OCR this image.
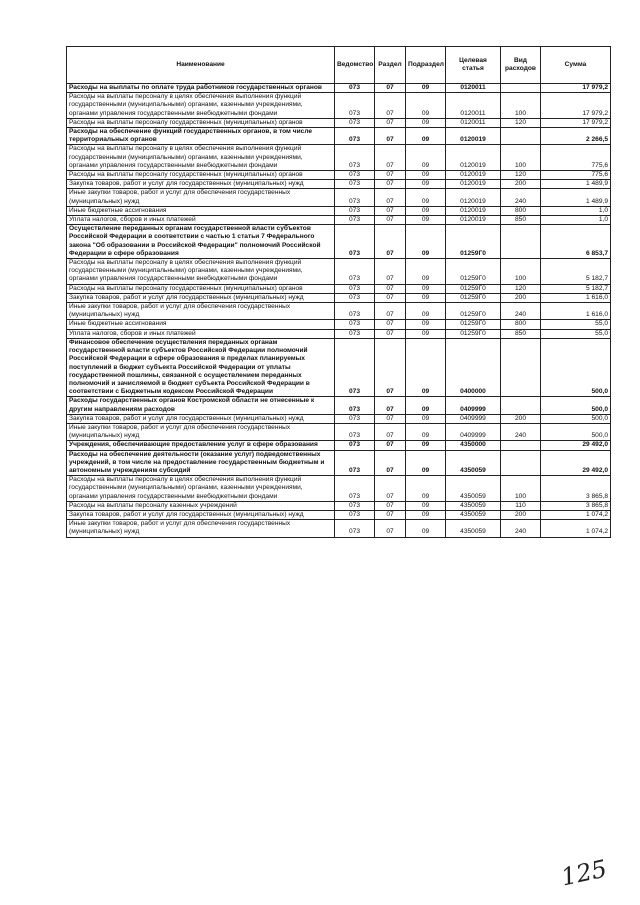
Наименование	Ведомство	Раздел	Подраздел	Целевая статья	Вид расходов	Сумма
Расходы на выплаты по оплате труда работников государственных органов	073	07	09	0120011		17 979,2
Расходы на выплаты персоналу в целях обеспечения выполнения функций государственными (муниципальными) органами, казенными учреждениями, органами управления государственными внебюджетными фондами	073	07	09	0120011	100	17 979,2
Расходы на выплаты персоналу государственных (муниципальных) органов	073	07	09	0120011	120	17 979,2
Расходы на обеспечение функций государственных органов, в том числе территориальных органов	073	07	09	0120019		2 266,5
Расходы на выплаты персоналу в целях обеспечения выполнения функций государственными (муниципальными) органами, казенными учреждениями, органами управления государственными внебюджетными фондами	073	07	09	0120019	100	775,6
Расходы на выплаты персоналу государственных (муниципальных) органов	073	07	09	0120019	120	775,6
Закупка товаров, работ и услуг для государственных (муниципальных) нужд	073	07	09	0120019	200	1 489,9
Иные закупки товаров, работ и услуг для обеспечения государственных (муниципальных) нужд	073	07	09	0120019	240	1 489,9
Иные бюджетные ассигнования	073	07	09	0120019	800	1,0
Уплата налогов, сборов и иных платежей	073	07	09	0120019	850	1,0
Осуществление переданных органам государственной власти субъектов Российской Федерации в соответствии с частью 1 статьи 7 Федерального закона "Об образовании в Российской Федерации" полномочий Российской Федерации в сфере образования	073	07	09	01259Г0		6 853,7
Расходы на выплаты персоналу в целях обеспечения выполнения функций государственными (муниципальными) органами, казенными учреждениями, органами управления государственными внебюджетными фондами	073	07	09	01259Г0	100	5 182,7
Расходы на выплаты персоналу государственных (муниципальных) органов	073	07	09	01259Г0	120	5 182,7
Закупка товаров, работ и услуг для государственных (муниципальных) нужд	073	07	09	01259Г0	200	1 616,0
Иные закупки товаров, работ и услуг для обеспечения государственных (муниципальных) нужд	073	07	09	01259Г0	240	1 616,0
Иные бюджетные ассигнования	073	07	09	01259Г0	800	55,0
Уплата налогов, сборов и иных платежей	073	07	09	01259Г0	850	55,0
Финансовое обеспечение осуществления переданных органам государственной власти субъектов Российской Федерации полномочий Российской Федерации в сфере образования в пределах планируемых поступлений в бюджет субъекта Российской Федерации от уплаты государственной пошлины, связанной с осуществлением переданных полномочий и зачисляемой в бюджет субъекта Российской Федерации в соответствии с Бюджетным кодексом Российской Федерации	073	07	09	0400000		500,0
Расходы государственных органов Костромской области не отнесенные к другим направлениям расходов	073	07	09	0409999		500,0
Закупка товаров, работ и услуг для государственных (муниципальных) нужд	073	07	09	0409999	200	500,0
Иные закупки товаров, работ и услуг для обеспечения государственных (муниципальных) нужд	073	07	09	0409999	240	500,0
Учреждения, обеспечивающие предоставление услуг в сфере образования	073	07	09	4350000		29 492,0
Расходы на обеспечение деятельности (оказание услуг) подведомственных учреждений, в том числе на предоставление государственным бюджетным и автономным учреждениям субсидий	073	07	09	4350059		29 492,0
Расходы на выплаты персоналу в целях обеспечения выполнения функций государственными (муниципальными) органами, казенными учреждениями, органами управления государственными внебюджетными фондами	073	07	09	4350059	100	3 865,8
Расходы на выплаты персоналу казенных учреждений	073	07	09	4350059	110	3 865,8
Закупка товаров, работ и услуг для государственных (муниципальных) нужд	073	07	09	4350059	200	1 074,2
Иные закупки товаров, работ и услуг для обеспечения государственных (муниципальных) нужд	073	07	09	4350059	240	1 074,2
125
